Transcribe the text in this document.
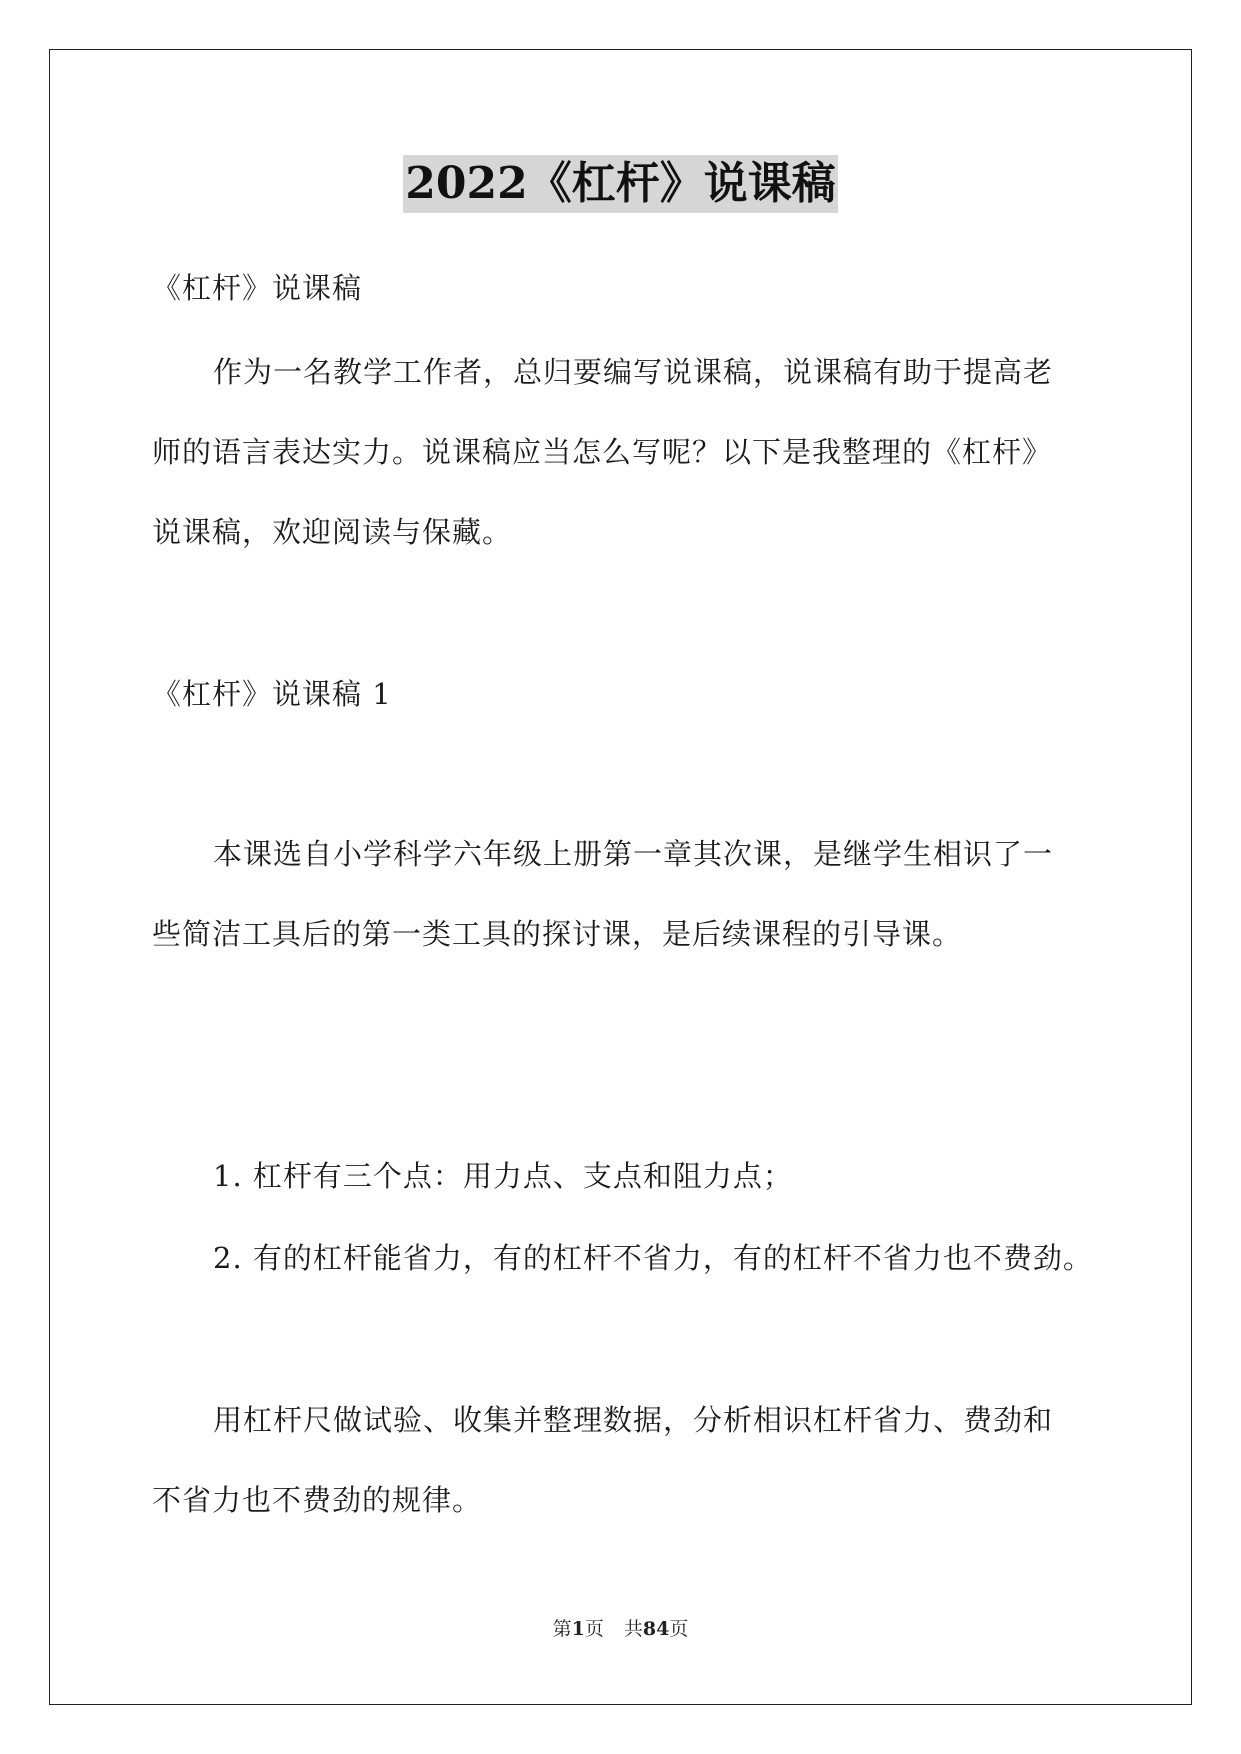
2022《杠杆》说课稿
《杠杆》说课稿
作为一名教学工作者，总归要编写说课稿，说课稿有助于提高老
师的语言表达实力。说课稿应当怎么写呢？以下是我整理的《杠杆》
说课稿，欢迎阅读与保藏。
《杠杆》说课稿 1
本课选自小学科学六年级上册第一章其次课，是继学生相识了一
些简洁工具后的第一类工具的探讨课，是后续课程的引导课。
1. 杠杆有三个点：用力点、支点和阻力点；
2. 有的杠杆能省力，有的杠杆不省力，有的杠杆不省力也不费劲。
用杠杆尺做试验、收集并整理数据，分析相识杠杆省力、费劲和
不省力也不费劲的规律。
第1页 共84页
